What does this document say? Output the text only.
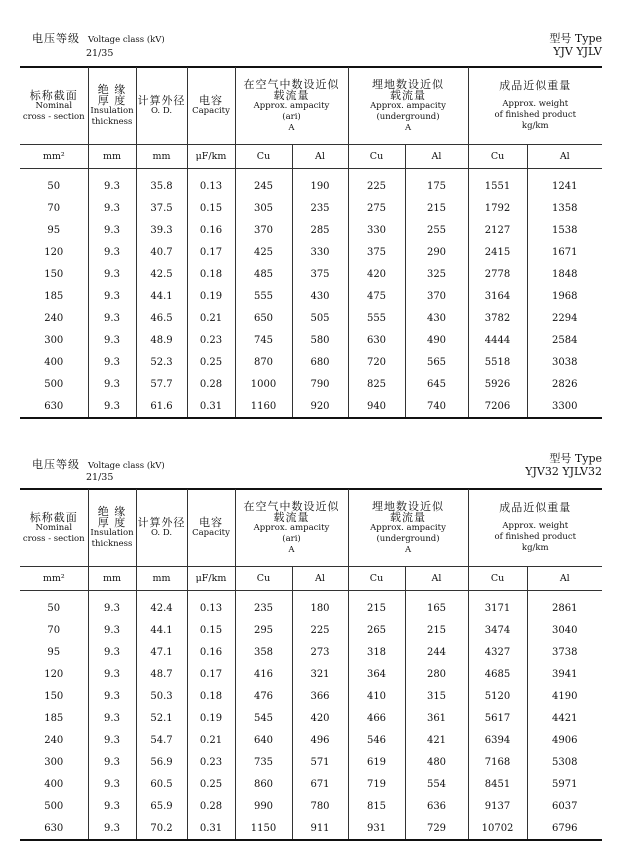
电压等级 Voltage class (kV)
21/35
型号 Type
YJV YJLV
标称截面
Nominal
cross - section	绝 缘
厚 度
Insulation
thickness	计算外径
O. D.	电容
Capacity	在空气中数设近似
载流量
Approx. ampacity
(ari)
A		埋地数设近似
载流量
Approx. ampacity
(underground)
A		成品近似重量
Approx. weight
of finished product
kg/km	

mm²	mm	mm	μF/km	Cu	Al	Cu	Al	Cu	Al
50	9.3	35.8	0.13	245	190	225	175	1551	1241
70	9.3	37.5	0.15	305	235	275	215	1792	1358
95	9.3	39.3	0.16	370	285	330	255	2127	1538
120	9.3	40.7	0.17	425	330	375	290	2415	1671
150	9.3	42.5	0.18	485	375	420	325	2778	1848
185	9.3	44.1	0.19	555	430	475	370	3164	1968
240	9.3	46.5	0.21	650	505	555	430	3782	2294
300	9.3	48.9	0.23	745	580	630	490	4444	2584
400	9.3	52.3	0.25	870	680	720	565	5518	3038
500	9.3	57.7	0.28	1000	790	825	645	5926	2826
630	9.3	61.6	0.31	1160	920	940	740	7206	3300
电压等级 Voltage class (kV)
21/35
型号 Type
YJV32 YJLV32
标称截面
Nominal
cross - section	绝 缘
厚 度
Insulation
thickness	计算外径
O. D.	电容
Capacity	在空气中数设近似
载流量
Approx. ampacity
(ari)
A		埋地数设近似
载流量
Approx. ampacity
(underground)
A		成品近似重量
Approx. weight
of finished product
kg/km	

mm²	mm	mm	μF/km	Cu	Al	Cu	Al	Cu	Al
50	9.3	42.4	0.13	235	180	215	165	3171	2861
70	9.3	44.1	0.15	295	225	265	215	3474	3040
95	9.3	47.1	0.16	358	273	318	244	4327	3738
120	9.3	48.7	0.17	416	321	364	280	4685	3941
150	9.3	50.3	0.18	476	366	410	315	5120	4190
185	9.3	52.1	0.19	545	420	466	361	5617	4421
240	9.3	54.7	0.21	640	496	546	421	6394	4906
300	9.3	56.9	0.23	735	571	619	480	7168	5308
400	9.3	60.5	0.25	860	671	719	554	8451	5971
500	9.3	65.9	0.28	990	780	815	636	9137	6037
630	9.3	70.2	0.31	1150	911	931	729	10702	6796
